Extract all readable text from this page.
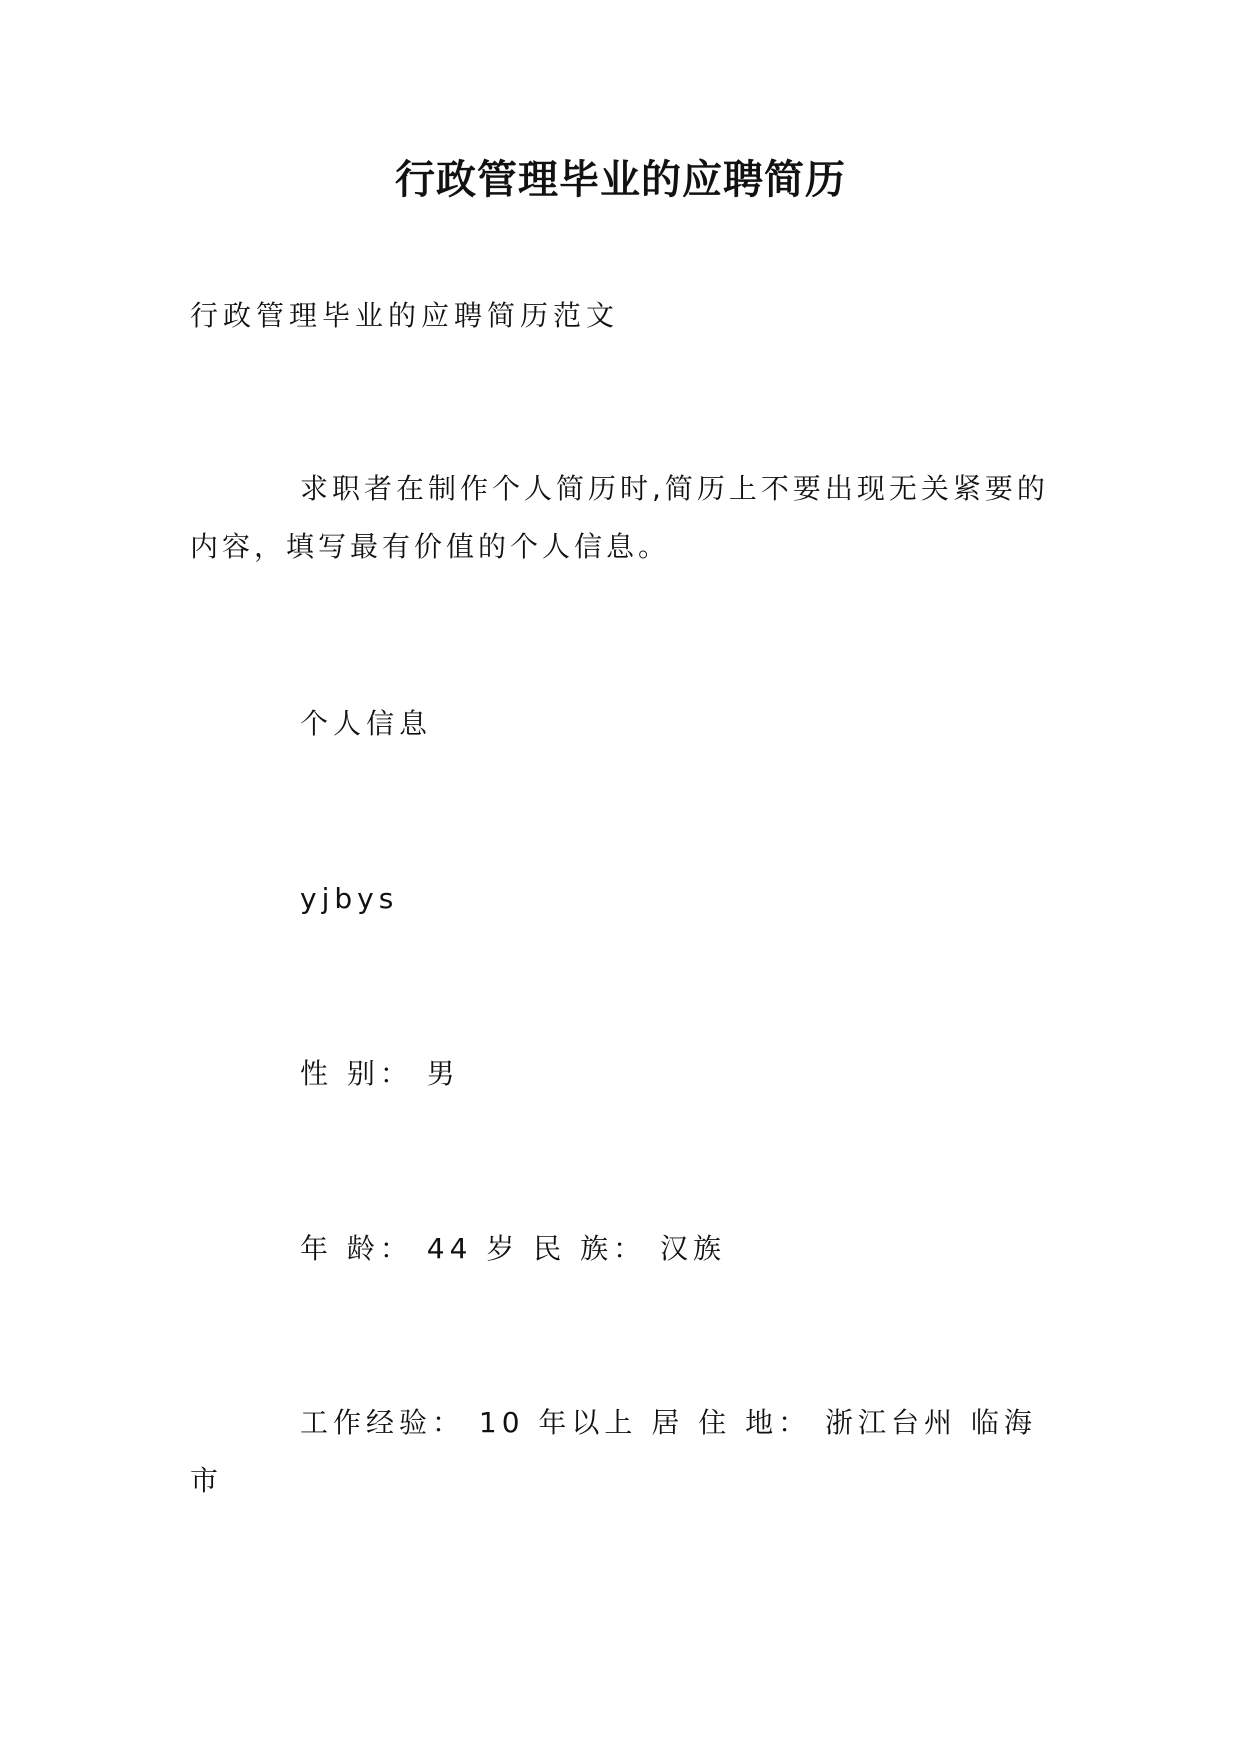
行政管理毕业的应聘简历
行政管理毕业的应聘简历范文
求职者在制作个人简历时,简历上不要出现无关紧要的内容，填写最有价值的个人信息。
个人信息
yjbys
性 别： 男
年 龄： 44 岁 民 族： 汉族
工作经验： 10 年以上 居 住 地： 浙江台州 临海市
